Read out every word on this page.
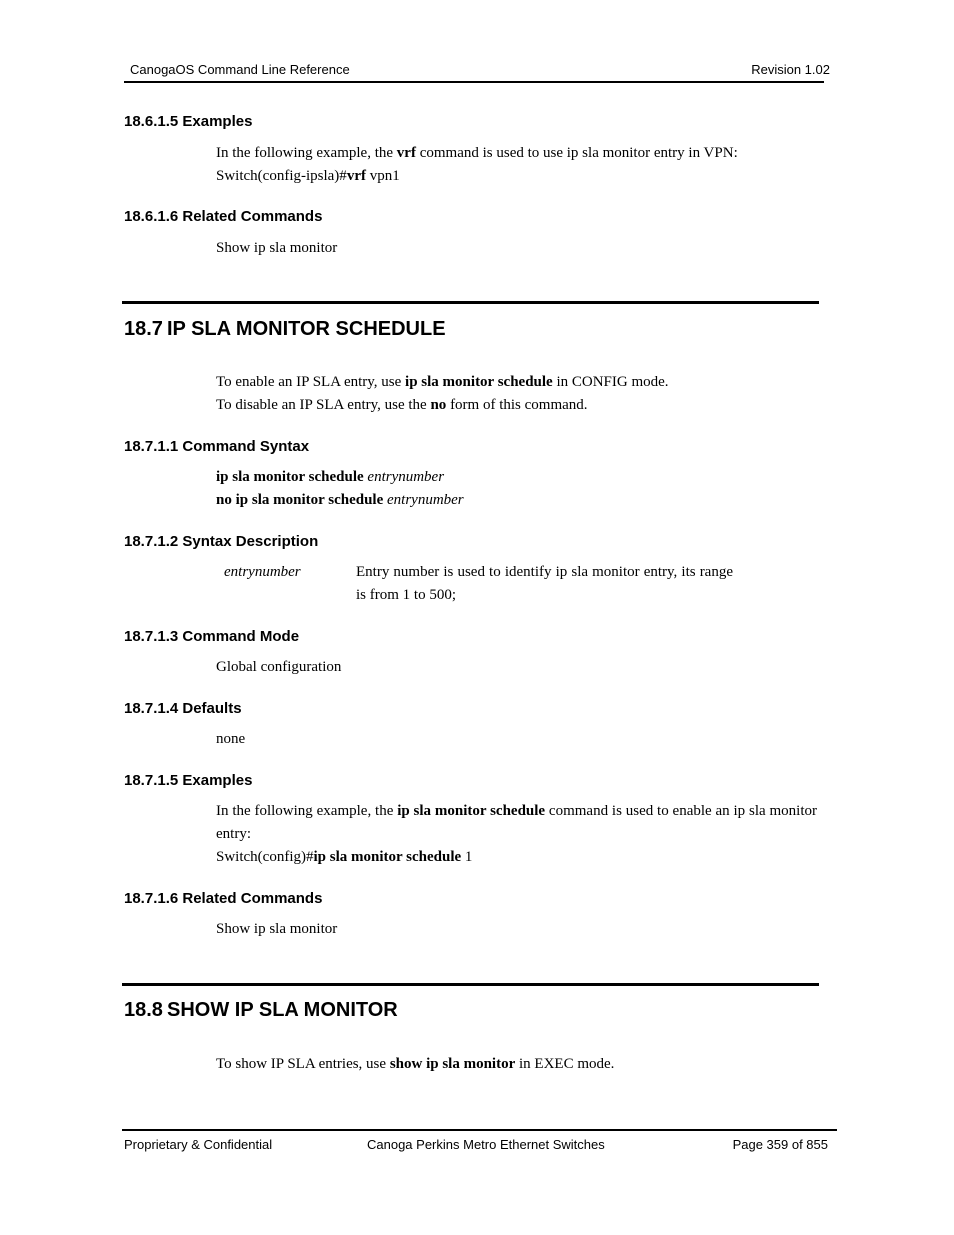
CanogaOS Command Line Reference	Revision 1.02
18.6.1.5 Examples
In the following example, the vrf command is used to use ip sla monitor entry in VPN:
Switch(config-ipsla)#vrf vpn1
18.6.1.6 Related Commands
Show ip sla monitor
18.7 IP SLA MONITOR SCHEDULE
To enable an IP SLA entry, use ip sla monitor schedule in CONFIG mode.
To disable an IP SLA entry, use the no form of this command.
18.7.1.1 Command Syntax
ip sla monitor schedule entrynumber
no ip sla monitor schedule entrynumber
18.7.1.2 Syntax Description
entrynumber	Entry number is used to identify ip sla monitor entry, its range is from 1 to 500;
18.7.1.3 Command Mode
Global configuration
18.7.1.4 Defaults
none
18.7.1.5 Examples
In the following example, the ip sla monitor schedule command is used to enable an ip sla monitor entry:
Switch(config)#ip sla monitor schedule 1
18.7.1.6 Related Commands
Show ip sla monitor
18.8 SHOW IP SLA MONITOR
To show IP SLA entries, use show ip sla monitor in EXEC mode.
Proprietary & Confidential	Canoga Perkins Metro Ethernet Switches	Page 359 of 855
